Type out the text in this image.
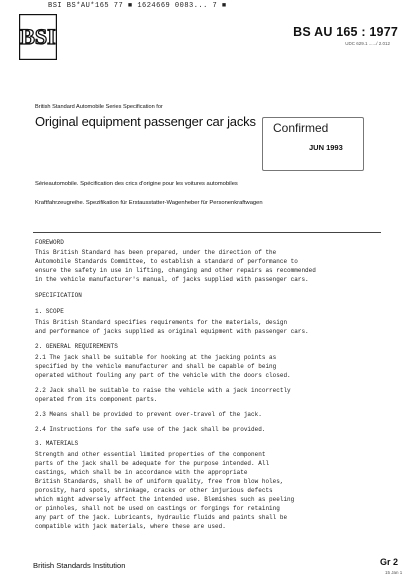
BSI BS*AU*165 77 ■ 1624669 0083... 7 ■
BSI	BS AU 165 : 1977
UDC 629.1 ....../ 2.012
British Standard Automobile Series Specification for
Original equipment passenger car jacks Confirmed
JUN 1993
Sérieautomobile. Spécification des crics d'origine pour les voitures automobiles
Kraftfahrzeugreihe. Spezifikation für Erstausstatter-Wagenheber für Personenkraftwagen
FOREWORD
This British Standard has been prepared, under the direction of the
Automobile Standards Committee, to establish a standard of performance to
ensure the safety in use in lifting, changing and other repairs as recommended
in the vehicle manufacturer's manual, of jacks supplied with passenger cars.
SPECIFICATION
1. SCOPE
This British Standard specifies requirements for the materials, design
and performance of jacks supplied as original equipment with passenger cars.
2. GENERAL REQUIREMENTS
2.1 The jack shall be suitable for hooking at the jacking points as
specified by the vehicle manufacturer and shall be capable of being
operated without fouling any part of the vehicle with the doors closed.
2.2 Jack shall be suitable to raise the vehicle with a jack incorrectly
operated from its component parts.
2.3 Means shall be provided to prevent over-travel of the jack.
2.4 Instructions for the safe use of the jack shall be provided.
3. MATERIALS
Strength and other essential limited properties of the component
parts of the jack shall be adequate for the purpose intended. All
castings, which shall be in accordance with the appropriate
British Standards, shall be of uniform quality, free from blow holes,
porosity, hard spots, shrinkage, cracks or other injurious defects
which might adversely affect the intended use. Blemishes such as peeling
or pinholes, shall not be used on castings or forgings for retaining
any part of the jack. Lubricants, hydraulic fluids and paints shall be
compatible with jack materials, where these are used.
British Standards Institution	Gr 2
15 Jan 1
